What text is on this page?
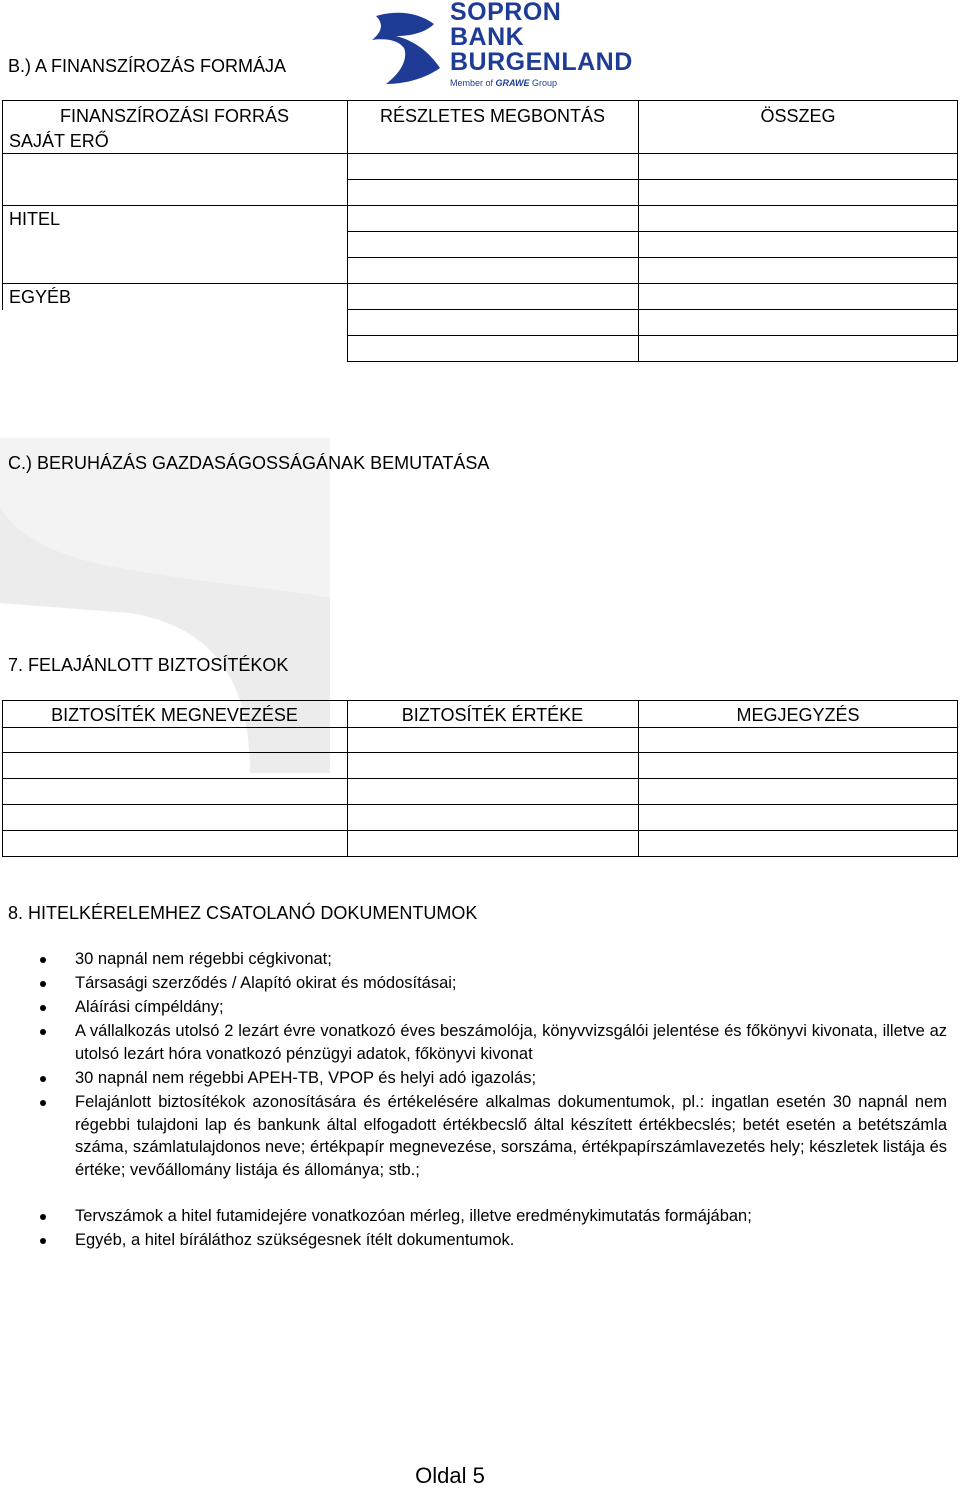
B.) A FINANSZÍROZÁS FORMÁJA
SOPRON
BANK
BURGENLAND
Member of GRAWE Group
FINANSZÍROZÁSI FORRÁS	RÉSZLETES MEGBONTÁS	ÖSSZEG
SAJÁT ERŐ
HITEL
EGYÉB
C.) BERUHÁZÁS GAZDASÁGOSSÁGÁNAK BEMUTATÁSA
7. FELAJÁNLOTT BIZTOSÍTÉKOK
BIZTOSÍTÉK MEGNEVEZÉSE	BIZTOSÍTÉK ÉRTÉKE	MEGJEGYZÉS
8. HITELKÉRELEMHEZ CSATOLANÓ DOKUMENTUMOK
30 napnál nem régebbi cégkivonat;
Társasági szerződés / Alapító okirat és módosításai;
Aláírási címpéldány;
A vállalkozás utolsó 2 lezárt évre vonatkozó éves beszámolója, könyvvizsgálói jelentése és főkönyvi kivonata, illetve az utolsó lezárt hóra vonatkozó pénzügyi adatok, főkönyvi kivonat
30 napnál nem régebbi APEH-TB, VPOP és helyi adó igazolás;
Felajánlott biztosítékok azonosítására és értékelésére alkalmas dokumentumok, pl.: ingatlan esetén 30 napnál nem régebbi tulajdoni lap és bankunk által elfogadott értékbecslő által készített értékbecslés; betét esetén a betétszámla száma, számlatulajdonos neve; értékpapír megnevezése, sorszáma, értékpapírszámlavezetés hely; készletek listája és értéke; vevőállomány listája és állománya; stb.;
Tervszámok a hitel futamidejére vonatkozóan mérleg, illetve eredménykimutatás formájában;
Egyéb, a hitel bíráláthoz szükségesnek ítélt dokumentumok.
Oldal 5
